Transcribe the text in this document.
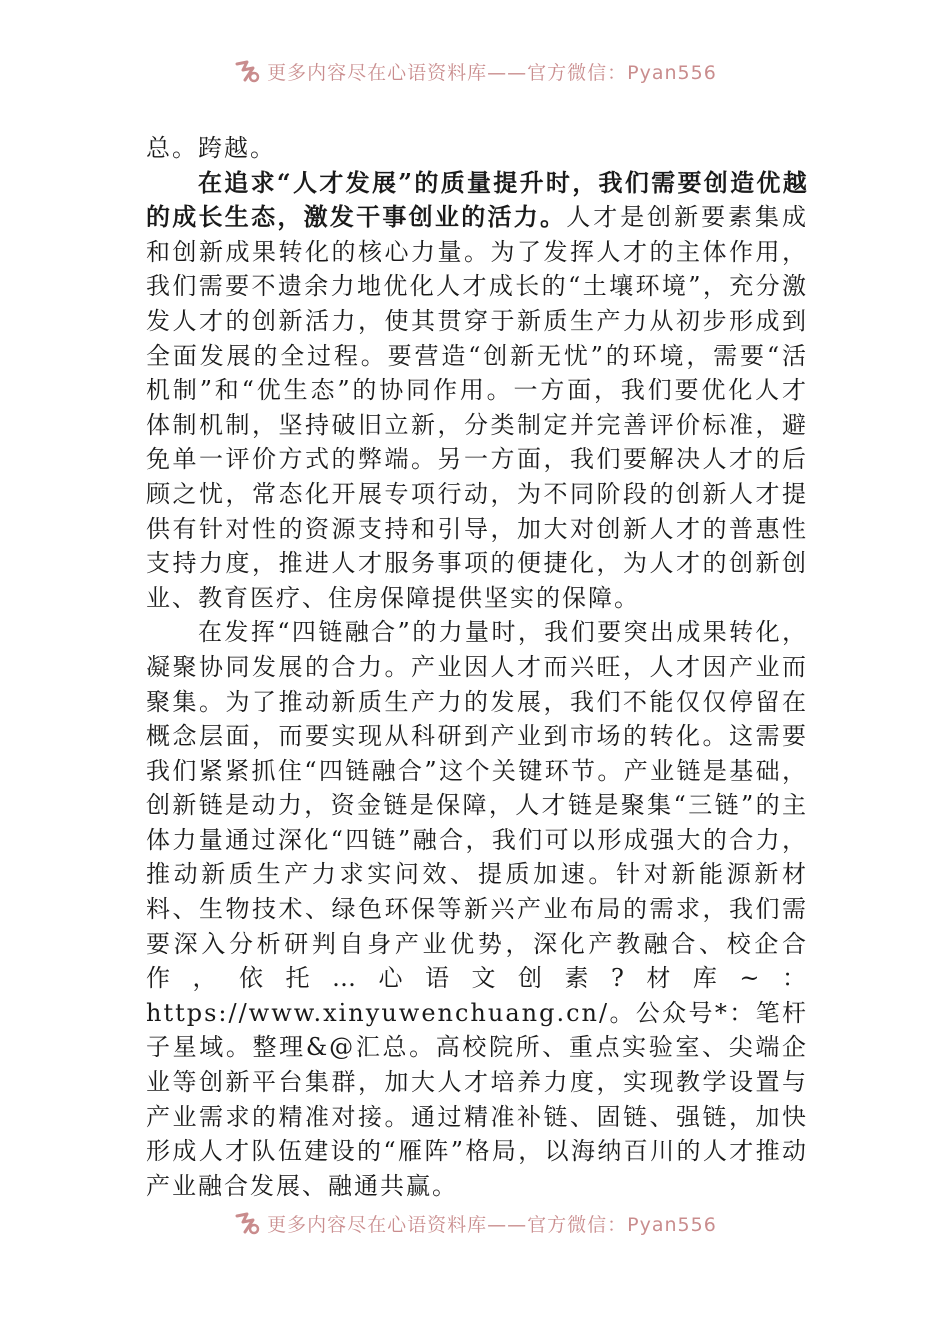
更多内容尽在心语资料库——官方微信：Pyan556

总。跨越。

在追求“人才发展”的质量提升时，我们需要创造优越的成长生态，激发干事创业的活力。人才是创新要素集成和创新成果转化的核心力量。为了发挥人才的主体作用，我们需要不遗余力地优化人才成长的“土壤环境”，充分激发人才的创新活力，使其贯穿于新质生产力从初步形成到全面发展的全过程。要营造“创新无忧”的环境，需要“活机制”和“优生态”的协同作用。一方面，我们要优化人才体制机制，坚持破旧立新，分类制定并完善评价标准，避免单一评价方式的弊端。另一方面，我们要解决人才的后顾之忧，常态化开展专项行动，为不同阶段的创新人才提供有针对性的资源支持和引导，加大对创新人才的普惠性支持力度，推进人才服务事项的便捷化，为人才的创新创业、教育医疗、住房保障提供坚实的保障。

在发挥“四链融合”的力量时，我们要突出成果转化，凝聚协同发展的合力。产业因人才而兴旺，人才因产业而聚集。为了推动新质生产力的发展，我们不能仅仅停留在概念层面，而要实现从科研到产业到市场的转化。这需要我们紧紧抓住“四链融合”这个关键环节。产业链是基础，创新链是动力，资金链是保障，人才链是聚集“三链”的主体力量通过深化“四链”融合，我们可以形成强大的合力，推动新质生产力求实问效、提质加速。针对新能源新材料、生物技术、绿色环保等新兴产业布局的需求，我们需要深入分析研判自身产业优势，深化产教融合、校企合作，依托…心语文创素?材库~：https://www.xinyuwenchuang.cn/。公众号*：笔杆子星域。整理&@汇总。高校院所、重点实验室、尖端企业等创新平台集群，加大人才培养力度，实现教学设置与产业需求的精准对接。通过精准补链、固链、强链，加快形成人才队伍建设的“雁阵”格局，以海纳百川的人才推动产业融合发展、融通共赢。

更多内容尽在心语资料库——官方微信：Pyan556
